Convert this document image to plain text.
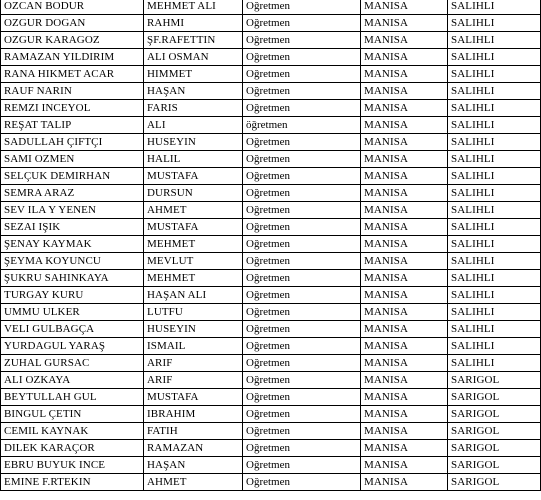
OZCAN BODUR	MEHMET ALI	Oğretmen	MANISA	SALIHLI
OZGUR DOGAN	RAHMI	Oğretmen	MANISA	SALIHLI
OZGUR KARAGOZ	ŞF.RAFETTIN	Oğretmen	MANISA	SALIHLI
RAMAZAN YILDIRIM	ALI OSMAN	Oğretmen	MANISA	SALIHLI
RANA HIKMET ACAR	HIMMET	Oğretmen	MANISA	SALIHLI
RAUF NARIN	HAŞAN	Oğretmen	MANISA	SALIHLI
REMZI INCEYOL	FARIS	Oğretmen	MANISA	SALIHLI
REŞAT TALIP	ALI	öğretmen	MANISA	SALIHLI
SADULLAH ÇIFTÇI	HUSEYIN	Oğretmen	MANISA	SALIHLI
SAMI OZMEN	HALIL	Oğretmen	MANISA	SALIHLI
SELÇUK DEMIRHAN	MUSTAFA	Oğretmen	MANISA	SALIHLI
SEMRA ARAZ	DURSUN	Oğretmen	MANISA	SALIHLI
SEV ILA Y YENEN	AHMET	Oğretmen	MANISA	SALIHLI
SEZAI IŞIK	MUSTAFA	Oğretmen	MANISA	SALIHLI
ŞENAY KAYMAK	MEHMET	Oğretmen	MANISA	SALIHLI
ŞEYMA KOYUNCU	MEVLUT	Oğretmen	MANISA	SALIHLI
ŞUKRU SAHINKAYA	MEHMET	Oğretmen	MANISA	SALIHLI
TURGAY KURU	HAŞAN ALI	Oğretmen	MANISA	SALIHLI
UMMU ULKER	LUTFU	Oğretmen	MANISA	SALIHLI
VELI GULBAGÇA	HUSEYIN	Oğretmen	MANISA	SALIHLI
YURDAGUL YARAŞ	ISMAIL	Oğretmen	MANISA	SALIHLI
ZUHAL GURSAC	ARIF	Oğretmen	MANISA	SALIHLI
ALI OZKAYA	ARIF	Oğretmen	MANISA	SARIGOL
BEYTULLAH GUL	MUSTAFA	Oğretmen	MANISA	SARIGOL
BINGUL ÇETIN	IBRAHIM	Oğretmen	MANISA	SARIGOL
CEMIL KAYNAK	FATIH	Oğretmen	MANISA	SARIGOL
DILEK KARAÇOR	RAMAZAN	Oğretmen	MANISA	SARIGOL
EBRU BUYUK INCE	HAŞAN	Oğretmen	MANISA	SARIGOL
EMINE F.RTEKIN	AHMET	Oğretmen	MANISA	SARIGOL
